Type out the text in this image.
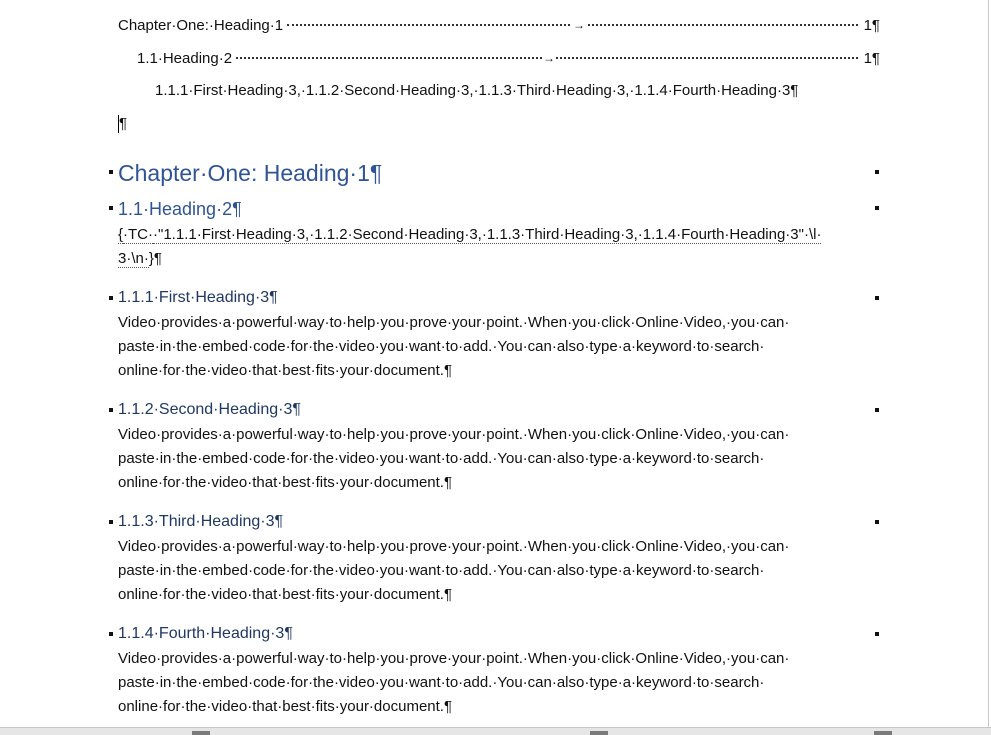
Chapter·One:·Heading·1	1¶
→
1.1·Heading·2	1¶
→
1.1.1·First·Heading·3,·1.1.2·Second·Heading·3,·1.1.3·Third·Heading·3,·1.1.4·Fourth·Heading·3¶
¶
Chapter·One: Heading·1¶
1.1·Heading·2¶
{·TC··"1.1.1·First·Heading·3,·1.1.2·Second·Heading·3,·1.1.3·Third·Heading·3,·1.1.4·Fourth·Heading·3"·\l·
3·\n·}¶
1.1.1·First·Heading·3¶
Video·provides·a·powerful·way·to·help·you·prove·your·point.·When·you·click·Online·Video,·you·can·
paste·in·the·embed·code·for·the·video·you·want·to·add.·You·can·also·type·a·keyword·to·search·
online·for·the·video·that·best·fits·your·document.¶
1.1.2·Second·Heading·3¶
Video·provides·a·powerful·way·to·help·you·prove·your·point.·When·you·click·Online·Video,·you·can·
paste·in·the·embed·code·for·the·video·you·want·to·add.·You·can·also·type·a·keyword·to·search·
online·for·the·video·that·best·fits·your·document.¶
1.1.3·Third·Heading·3¶
Video·provides·a·powerful·way·to·help·you·prove·your·point.·When·you·click·Online·Video,·you·can·
paste·in·the·embed·code·for·the·video·you·want·to·add.·You·can·also·type·a·keyword·to·search·
online·for·the·video·that·best·fits·your·document.¶
1.1.4·Fourth·Heading·3¶
Video·provides·a·powerful·way·to·help·you·prove·your·point.·When·you·click·Online·Video,·you·can·
paste·in·the·embed·code·for·the·video·you·want·to·add.·You·can·also·type·a·keyword·to·search·
online·for·the·video·that·best·fits·your·document.¶
